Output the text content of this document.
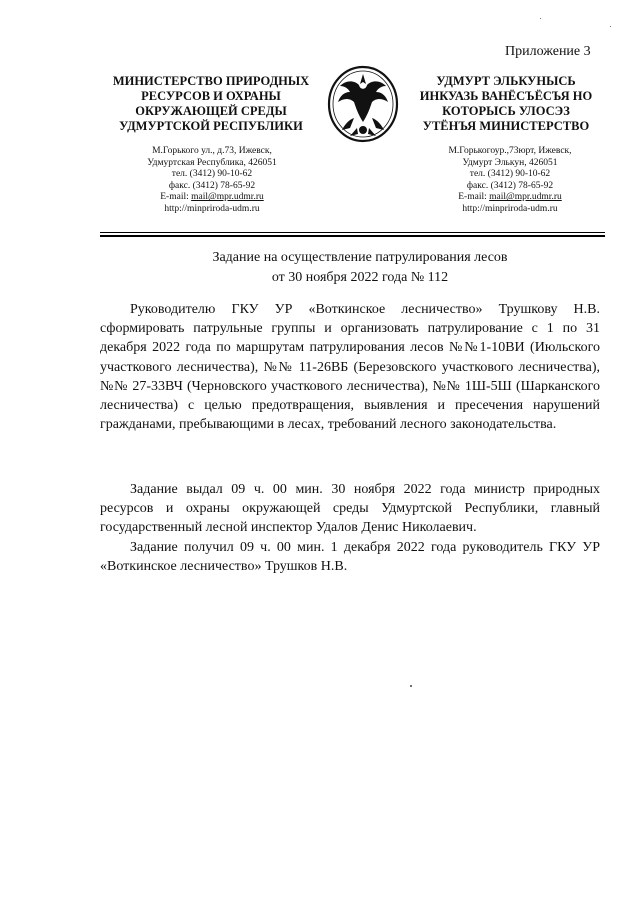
Приложение 3
МИНИСТЕРСТВО ПРИРОДНЫХ
РЕСУРСОВ И ОХРАНЫ
ОКРУЖАЮЩЕЙ СРЕДЫ
УДМУРТСКОЙ РЕСПУБЛИКИ
УДМУРТ ЭЛЬКУНЫСЬ
ИНКУАЗЬ ВАНЁСЪЁСЪЯ НО
КОТОРЫСЬ УЛОСЭЗ
УТЁНЪЯ МИНИСТЕРСТВО
М.Горького ул., д.73, Ижевск,
Удмуртская Республика, 426051
тел. (3412) 90-10-62
факс. (3412) 78-65-92
E-mail: mail@mpr.udmr.ru
http://minpriroda-udm.ru
М.Горькогоур.,73юрт, Ижевск,
Удмурт Элькун, 426051
тел. (3412) 90-10-62
факс. (3412) 78-65-92
E-mail: mail@mpr.udmr.ru
http://minpriroda-udm.ru
Задание на осуществление патрулирования лесов
от 30 ноября 2022 года № 112
Руководителю ГКУ УР «Воткинское лесничество» Трушкову Н.В. сформировать патрульные группы и организовать патрулирование с 1 по 31 декабря 2022 года по маршрутам патрулирования лесов №№1-10ВИ (Июльского участкового лесничества), №№ 11-26ВБ (Березовского участкового лесничества), №№ 27-33ВЧ (Черновского участкового лесничества), №№ 1Ш-5Ш (Шарканского лесничества) с целью предотвращения, выявления и пресечения нарушений гражданами, пребывающими в лесах, требований лесного законодательства.
Задание выдал 09 ч. 00 мин. 30 ноября 2022 года министр природных ресурсов и охраны окружающей среды Удмуртской Республики, главный государственный лесной инспектор Удалов Денис Николаевич.
Задание получил 09 ч. 00 мин. 1 декабря 2022 года руководитель ГКУ УР «Воткинское лесничество» Трушков Н.В.
